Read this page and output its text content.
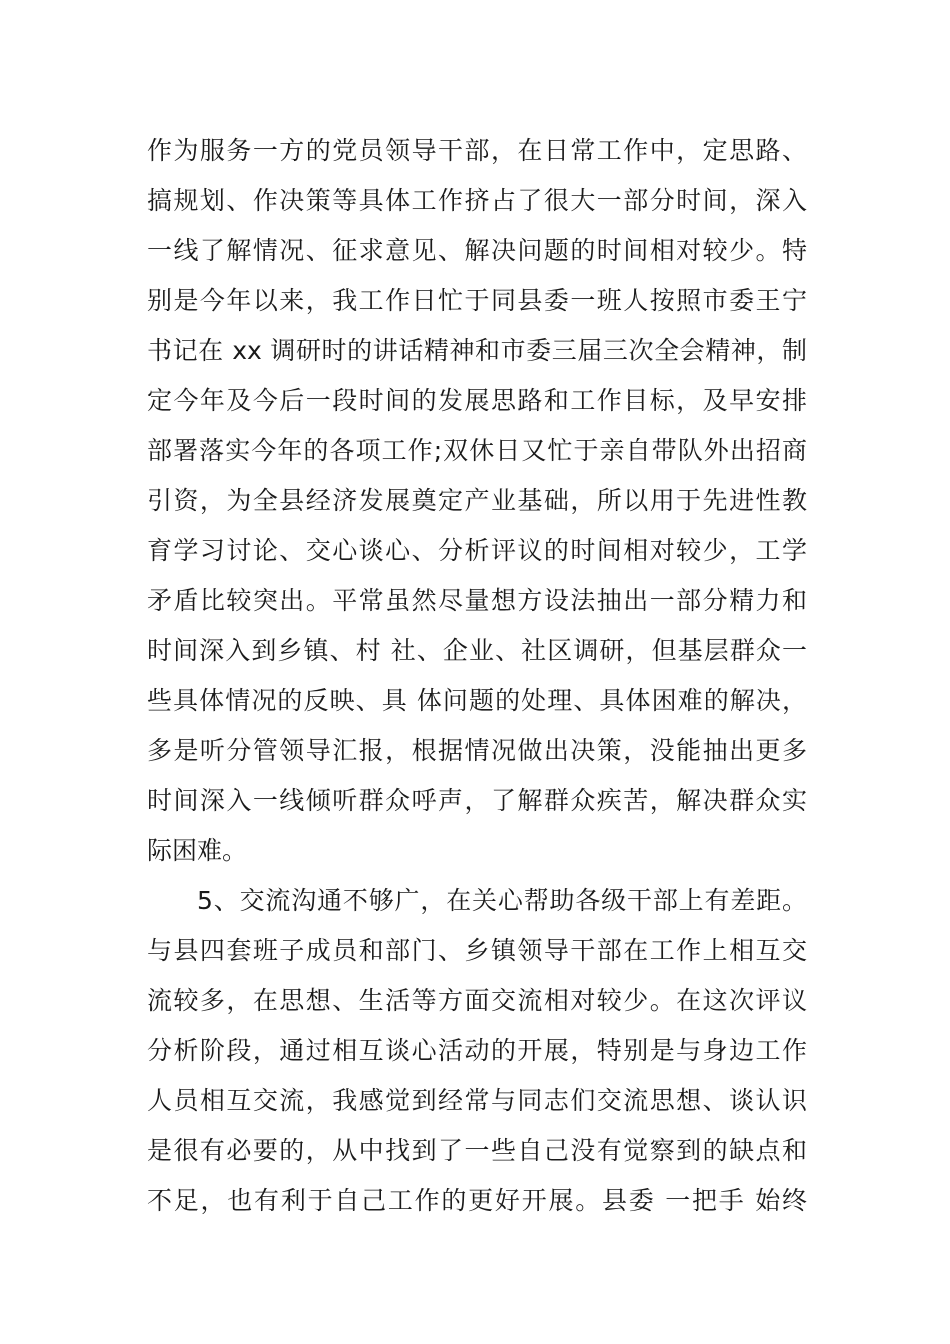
作为服务一方的党员领导干部，在日常工作中，定思路、
搞规划、作决策等具体工作挤占了很大一部分时间，深入
一线了解情况、征求意见、解决问题的时间相对较少。特
别是今年以来，我工作日忙于同县委一班人按照市委王宁
书记在 xx 调研时的讲话精神和市委三届三次全会精神，制
定今年及今后一段时间的发展思路和工作目标，及早安排
部署落实今年的各项工作;双休日又忙于亲自带队外出招商
引资，为全县经济发展奠定产业基础，所以用于先进性教
育学习讨论、交心谈心、分析评议的时间相对较少，工学
矛盾比较突出。平常虽然尽量想方设法抽出一部分精力和
时间深入到乡镇、村 社、企业、社区调研，但基层群众一
些具体情况的反映、具 体问题的处理、具体困难的解决，
多是听分管领导汇报，根据情况做出决策，没能抽出更多
时间深入一线倾听群众呼声，了解群众疾苦，解决群众实
际困难。
5、交流沟通不够广，在关心帮助各级干部上有差距。
与县四套班子成员和部门、乡镇领导干部在工作上相互交
流较多，在思想、生活等方面交流相对较少。在这次评议
分析阶段，通过相互谈心活动的开展，特别是与身边工作
人员相互交流，我感觉到经常与同志们交流思想、谈认识
是很有必要的，从中找到了一些自己没有觉察到的缺点和
不足，也有利于自己工作的更好开展。县委 一把手 始终
